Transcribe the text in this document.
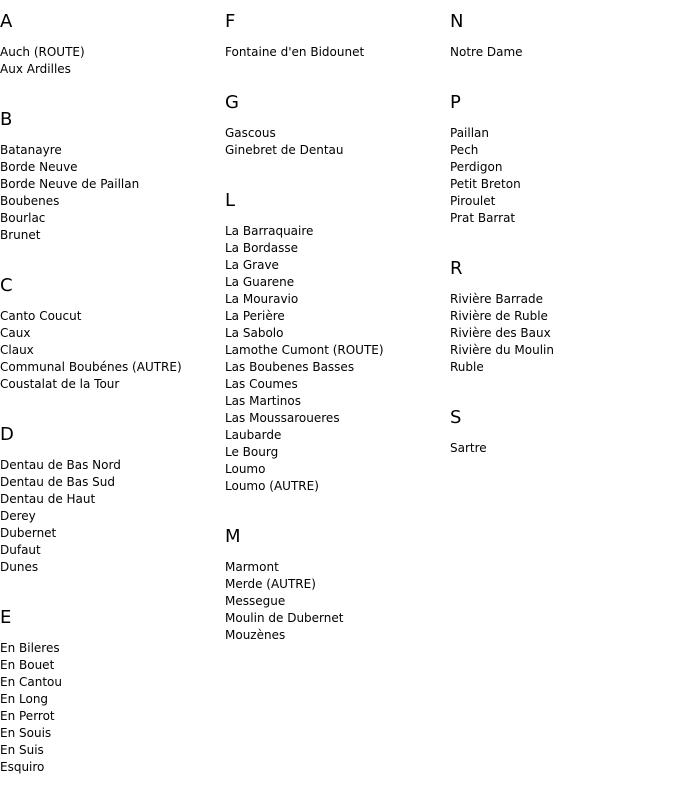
A
Auch (ROUTE)
Aux Ardilles
B
Batanayre
Borde Neuve
Borde Neuve de Paillan
Boubenes
Bourlac
Brunet
C
Canto Coucut
Caux
Claux
Communal Boubénes (AUTRE)
Coustalat de la Tour
D
Dentau de Bas Nord
Dentau de Bas Sud
Dentau de Haut
Derey
Dubernet
Dufaut
Dunes
E
En Bileres
En Bouet
En Cantou
En Long
En Perrot
En Souis
En Suis
Esquiro
F
Fontaine d'en Bidounet
G
Gascous
Ginebret de Dentau
L
La Barraquaire
La Bordasse
La Grave
La Guarene
La Mouravio
La Perière
La Sabolo
Lamothe Cumont (ROUTE)
Las Boubenes Basses
Las Coumes
Las Martinos
Las Moussaroueres
Laubarde
Le Bourg
Loumo
Loumo (AUTRE)
M
Marmont
Merde (AUTRE)
Messegue
Moulin de Dubernet
Mouzènes
N
Notre Dame
P
Paillan
Pech
Perdigon
Petit Breton
Piroulet
Prat Barrat
R
Rivière Barrade
Rivière de Ruble
Rivière des Baux
Rivière du Moulin
Ruble
S
Sartre
